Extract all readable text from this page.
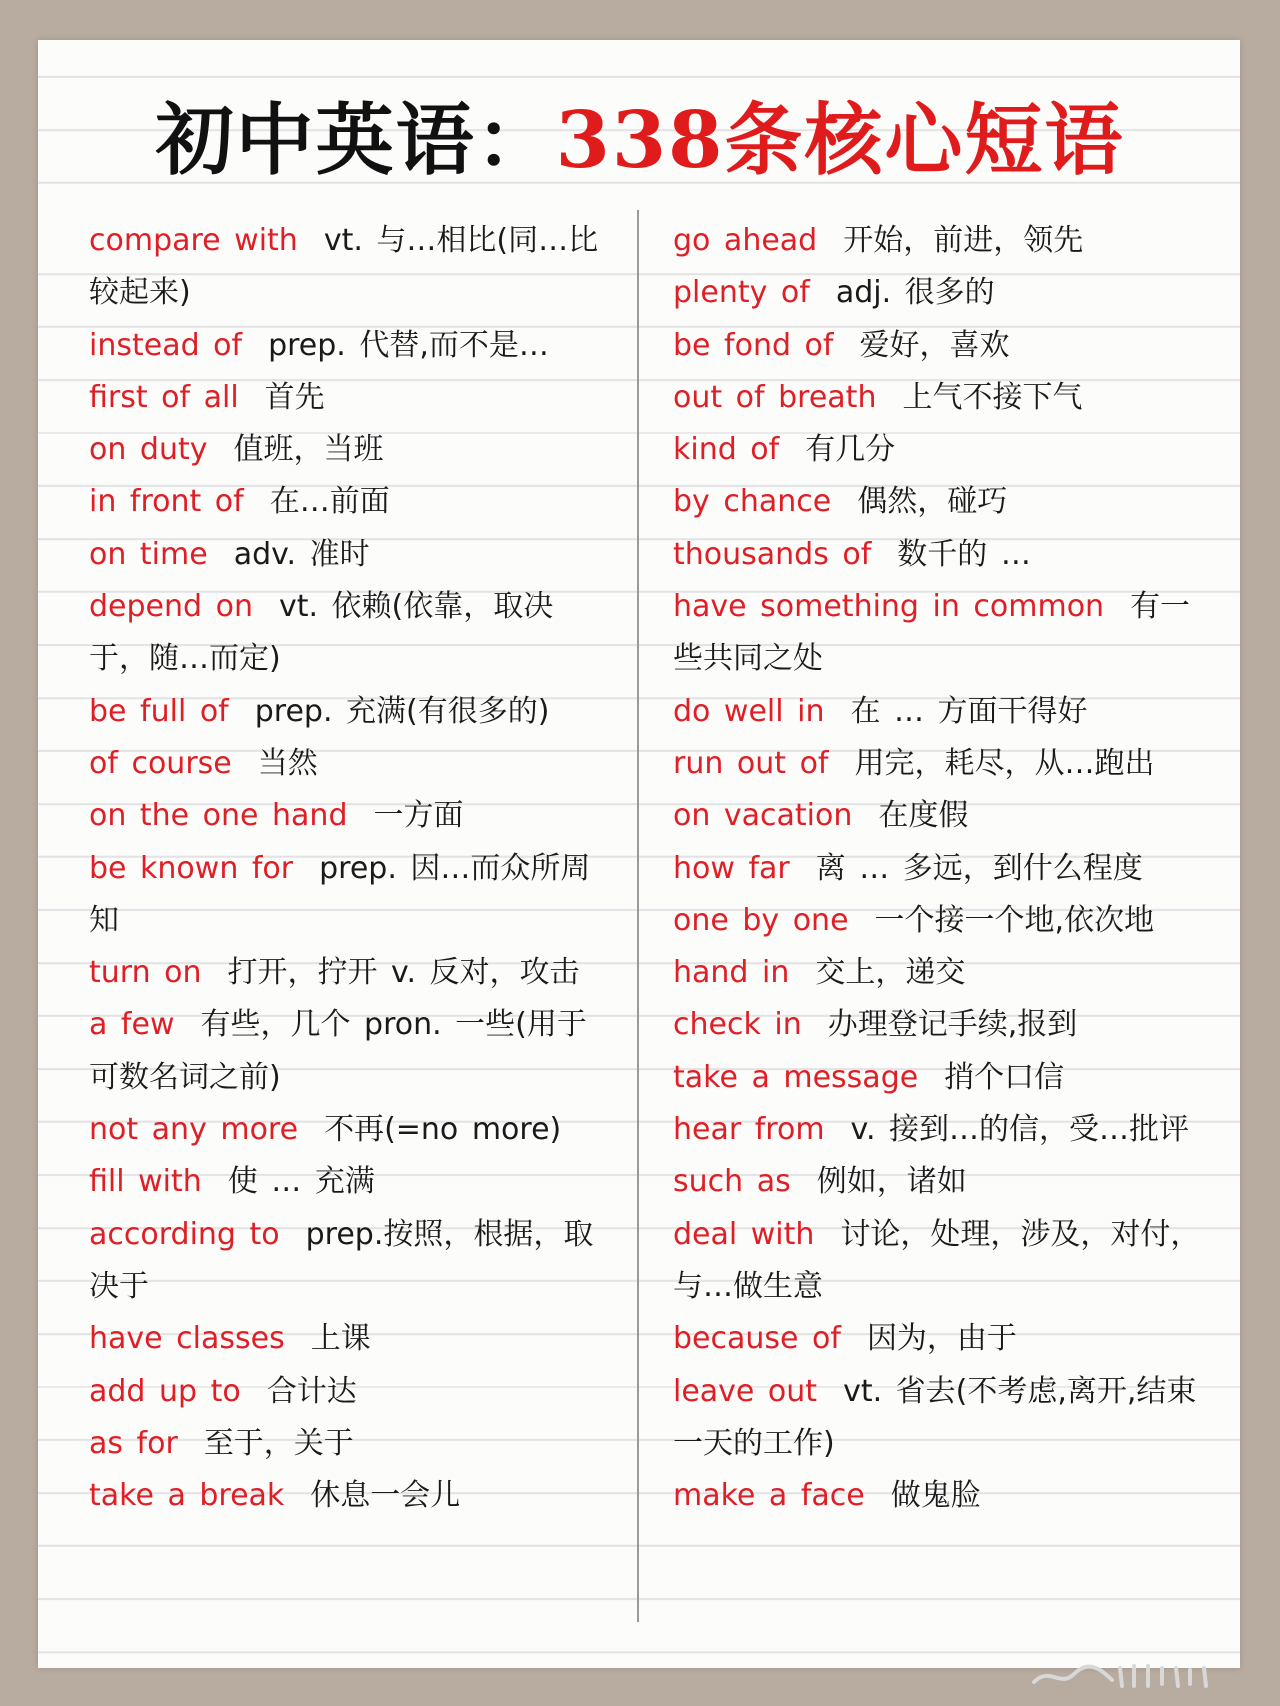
初中英语：338条核心短语
compare with vt. 与…相比(同…比较起来)
instead of prep. 代替,而不是…
first of all 首先
on duty 值班，当班
in front of 在…前面
on time adv. 准时
depend on vt. 依赖(依靠，取决于，随…而定)
be full of prep. 充满(有很多的)
of course 当然
on the one hand 一方面
be known for prep. 因…而众所周知
turn on 打开，拧开 v. 反对，攻击
a few 有些，几个 pron. 一些(用于可数名词之前)
not any more 不再(=no more)
fill with 使 … 充满
according to prep.按照，根据，取决于
have classes 上课
add up to 合计达
as for 至于，关于
take a break 休息一会儿
go ahead 开始，前进，领先
plenty of adj. 很多的
be fond of 爱好，喜欢
out of breath 上气不接下气
kind of 有几分
by chance 偶然，碰巧
thousands of 数千的 …
have something in common 有一些共同之处
do well in 在 … 方面干得好
run out of 用完，耗尽，从…跑出
on vacation 在度假
how far 离 … 多远，到什么程度
one by one 一个接一个地,依次地
hand in 交上，递交
check in 办理登记手续,报到
take a message 捎个口信
hear from v. 接到…的信，受…批评
such as 例如，诸如
deal with 讨论，处理，涉及，对付，与…做生意
because of 因为，由于
leave out vt. 省去(不考虑,离开,结束一天的工作)
make a face 做鬼脸
